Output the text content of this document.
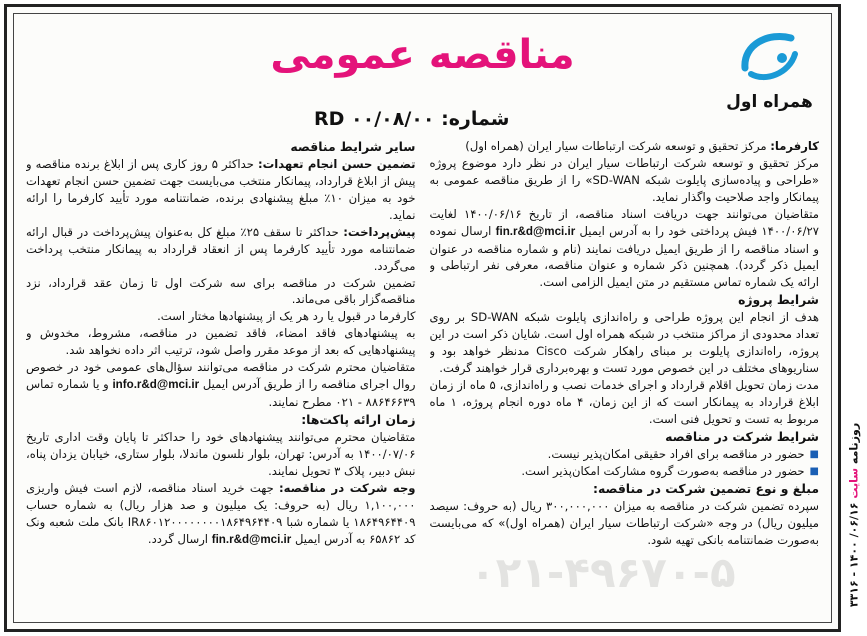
مناقصه عمومی
همراه اول
شماره: RD ۰۰/۰۸/۰۰

کارفرما: مرکز تحقیق و توسعه شرکت ارتباطات سیار ایران (همراه اول)

مرکز تحقیق و توسعه شرکت ارتباطات سیار ایران در نظر دارد موضوع پروژه «طراحی و پیاده‌سازی پایلوت شبکه SD-WAN» را از طریق مناقصه عمومی به پیمانکار واجد صلاحیت واگذار نماید.

متقاضیان می‌توانند جهت دریافت اسناد مناقصه، از تاریخ ۱۴۰۰/۰۶/۱۶ لغایت ۱۴۰۰/۰۶/۲۷ فیش پرداختی خود را به آدرس ایمیل fin.r&d@mci.ir ارسال نموده و اسناد مناقصه را از طریق ایمیل دریافت نمایند (نام و شماره مناقصه در عنوان ایمیل ذکر گردد). همچنین ذکر شماره و عنوان مناقصه، معرفی نفر ارتباطی و ارائه یک شماره تماس مستقیم در متن ایمیل الزامی است.

شرایط پروژه

هدف از انجام این پروژه طراحی و راه‌اندازی پایلوت شبکه SD-WAN بر روی تعداد محدودی از مراکز منتخب در شبکه همراه اول است. شایان ذکر است در این پروژه، راه‌اندازی پایلوت بر مبنای راهکار شرکت Cisco مدنظر خواهد بود و سناریوهای مختلف در این خصوص مورد تست و بهره‌برداری قرار خواهند گرفت.

مدت زمان تحویل اقلام قرارداد و اجرای خدمات نصب و راه‌اندازی، ۵ ماه از زمان ابلاغ قرارداد به پیمانکار است که از این زمان، ۴ ماه دوره انجام پروژه، ۱ ماه مربوط به تست و تحویل فنی است.

شرایط شرکت در مناقصه

■
حضور در مناقصه برای افراد حقیقی امکان‌پذیر نیست.
■
حضور در مناقصه به‌صورت گروه مشارکت امکان‌پذیر است.

مبلغ و نوع تضمین شرکت در مناقصه:

سپرده تضمین شرکت در مناقصه به میزان ۳۰۰,۰۰۰,۰۰۰ ریال (به حروف: سیصد میلیون ریال) در وجه «شرکت ارتباطات سیار ایران (همراه اول)» که می‌بایست به‌صورت ضمانتنامه بانکی تهیه شود.

سایر شرایط مناقصه

تضمین حسن انجام تعهدات: حداکثر ۵ روز کاری پس از ابلاغ برنده مناقصه و پیش از ابلاغ قرارداد، پیمانکار منتخب می‌بایست جهت تضمین حسن انجام تعهدات خود به میزان ۱۰٪ مبلغ پیشنهادی برنده، ضمانتنامه مورد تأیید کارفرما را ارائه نماید.

پیش‌پرداخت: حداکثر تا سقف ۲۵٪ مبلغ کل به‌عنوان پیش‌پرداخت در قبال ارائه ضمانتنامه مورد تأیید کارفرما پس از انعقاد قرارداد به پیمانکار منتخب پرداخت می‌گردد.

تضمین شرکت در مناقصه برای سه شرکت اول تا زمان عقد قرارداد، نزد مناقصه‌گزار باقی می‌ماند.

کارفرما در قبول یا رد هر یک از پیشنهادها مختار است.

به پیشنهادهای فاقد امضاء، فاقد تضمین در مناقصه، مشروط، مخدوش و پیشنهادهایی که بعد از موعد مقرر واصل شود، ترتیب اثر داده نخواهد شد.

متقاضیان محترم شرکت در مناقصه می‌توانند سؤال‌های عمومی خود در خصوص روال اجرای مناقصه را از طریق آدرس ایمیل info.r&d@mci.ir و یا شماره تماس ۸۸۶۴۶۶۳۹ - ۰۲۱ مطرح نمایند.

زمان ارائه پاکت‌ها:

متقاضیان محترم می‌توانند پیشنهادهای خود را حداکثر تا پایان وقت اداری تاریخ ۱۴۰۰/۰۷/۰۶ به آدرس: تهران، بلوار نلسون ماندلا، بلوار ستاری، خیابان یزدان پناه، نبش دبیر، پلاک ۳ تحویل نمایند.

وجه شرکت در مناقصه: جهت خرید اسناد مناقصه، لازم است فیش واریزی ۱,۱۰۰,۰۰۰ ریال (به حروف: یک میلیون و صد هزار ریال) به شماره حساب ۱۸۶۴۹۶۴۴۰۹ یا شماره شبا IR۸۶۰۱۲۰۰۰۰۰۰۰۰۱۸۶۴۹۶۴۴۰۹ بانک ملت شعبه ونک کد ۶۵۸۶۲ به آدرس ایمیل fin.r&d@mci.ir ارسال گردد.

روزنامه سایت ۰۶/۱۶/ ۱۴۰۰ - ۳۳۱۶
